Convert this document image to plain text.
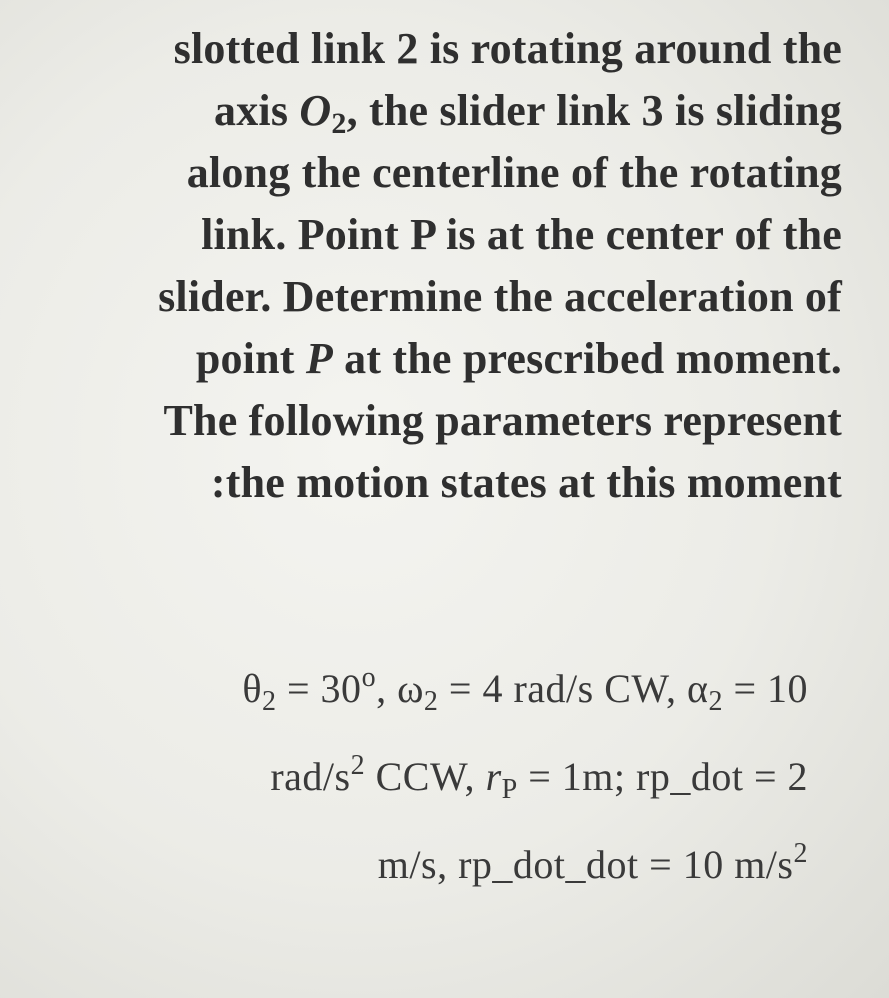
slotted link 2 is rotating around the
axis $O_2$, the slider link 3 is sliding
along the centerline of the rotating
link. Point P is at the center of the
slider. Determine the acceleration of
point P at the prescribed moment.
The following parameters represent
:the motion states at this moment
$\theta_2 = 30^o$, $\omega_2 = 4$ rad/s CW, $\alpha_2 = 10$
rad/$s^2$ CCW, $r_P = 1m$; rp_dot = 2
m/s, rp_dot_dot = 10 $m/s^2$
